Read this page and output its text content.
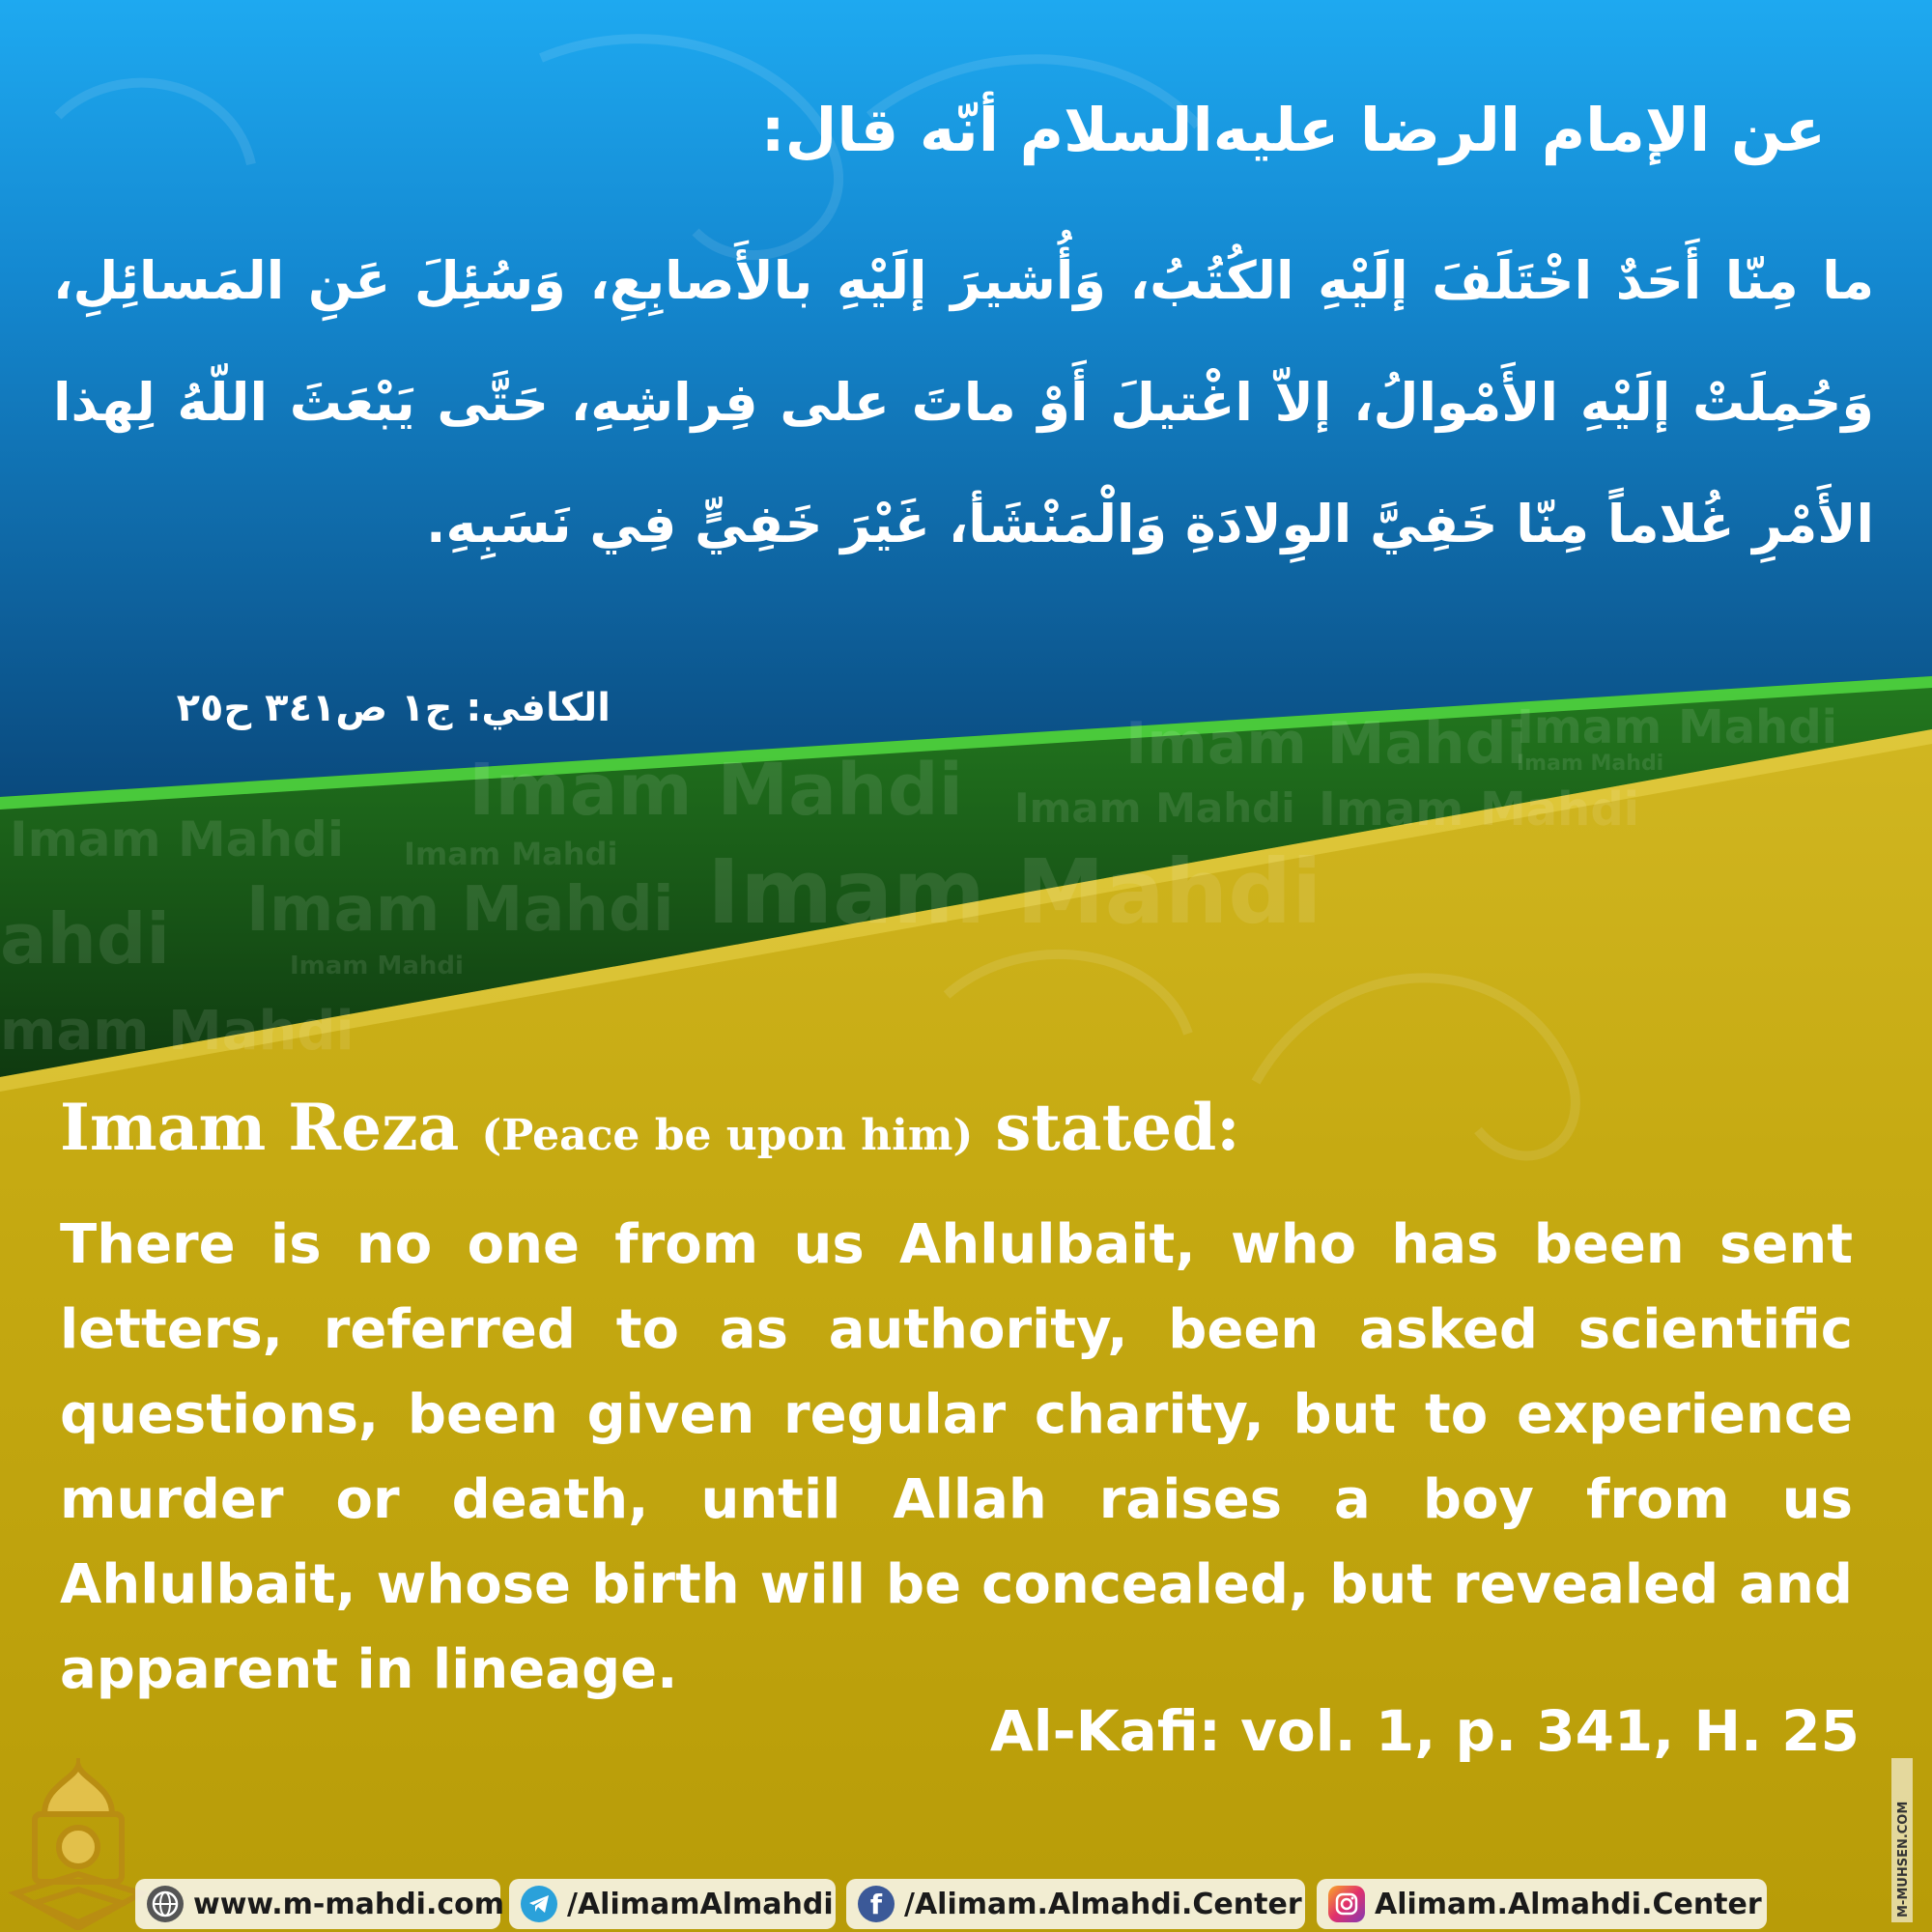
Imam Mahdi
Imam Mahdi
Imam Mahdi
Imam Mahdi Imam Mahdi Imam Mahdi
Imam Mahdi Imam Mahdi Imam Mahdi
Imam Mahdi
Imam Mahdi
ahdi
mam Mahdi
عن الإمام الرضا عليه‌السلام أنّه قال:
ما مِنّا أَحَدٌ اخْتَلَفَ إلَيْهِ الكُتُبُ، وَأُشيرَ إلَيْهِ بالأَصابِعِ، وَسُئِلَ عَنِ المَسائِلِ، وَحُمِلَتْ إلَيْهِ الأَمْوالُ، إلاّ اغْتيلَ أَوْ ماتَ على فِراشِهِ، حَتَّى يَبْعَثَ اللّهُ لِهذا الأَمْرِ غُلاماً مِنّا خَفِيَّ الوِلادَةِ وَالْمَنْشَأ، غَيْرَ خَفِيٍّ فِي نَسَبِهِ.
الكافي: ج١ ص٣٤١ ح٢٥
Imam Reza (Peace be upon him) stated:
There is no one from us Ahlulbait, who has been sent letters, referred to as authority, been asked scientific questions, been given regular charity, but to experience murder or death, until Allah raises a boy from us Ahlulbait, whose birth will be concealed, but revealed and apparent in lineage.
Al-Kafi: vol. 1, p. 341, H. 25
www.m-mahdi.com /AlimamAlmahdi	f /Alimam.Almahdi.Center	Alimam.Almahdi.Center	M-MUHSEN.COM
